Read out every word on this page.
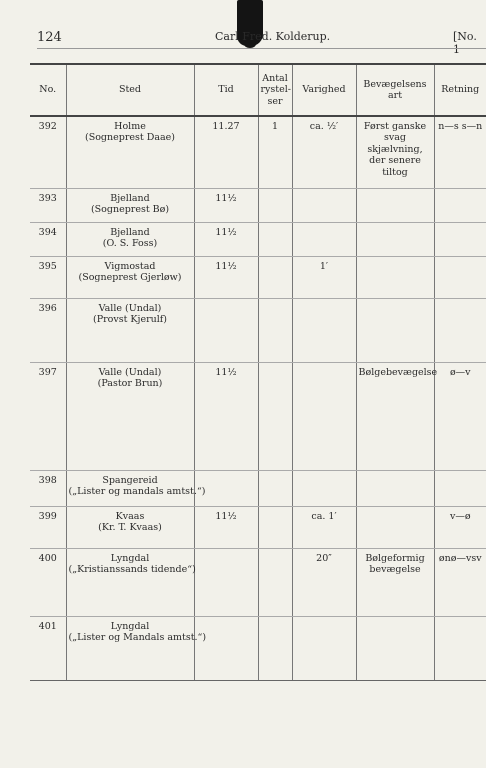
124	Carl Fred. Kolderup.	[No. 1
No.	Sted	Tid	Antal rystel-ser	Varighed	Bevægelsens art	Retning
392	Holme
(Sogneprest Daae)	11.27	1	ca. ½′	Først ganske svag skjælvning, der senere tiltog	n—s s—n
393	Bjelland
(Sogneprest Bø)	11½				
394	Bjelland
(O. S. Foss)	11½				
395	Vigmostad
(Sogneprest Gjerløw)	11½		1′		
396	Valle (Undal)
(Provst Kjerulf)					

397	Valle (Undal)
(Pastor Brun)	11½			Bølgebevægelse	ø—v
398	Spangereid
(„Lister og mandals amtst.“)					

399	Kvaas
(Kr. T. Kvaas)	11½		ca. 1′		v—ø
400	Lyngdal
(„Kristianssands tidende“)			20″	Bølgeformig bevægelse	ønø—vsv
401	Lyngdal
(„Lister og Mandals amtst.“)					
